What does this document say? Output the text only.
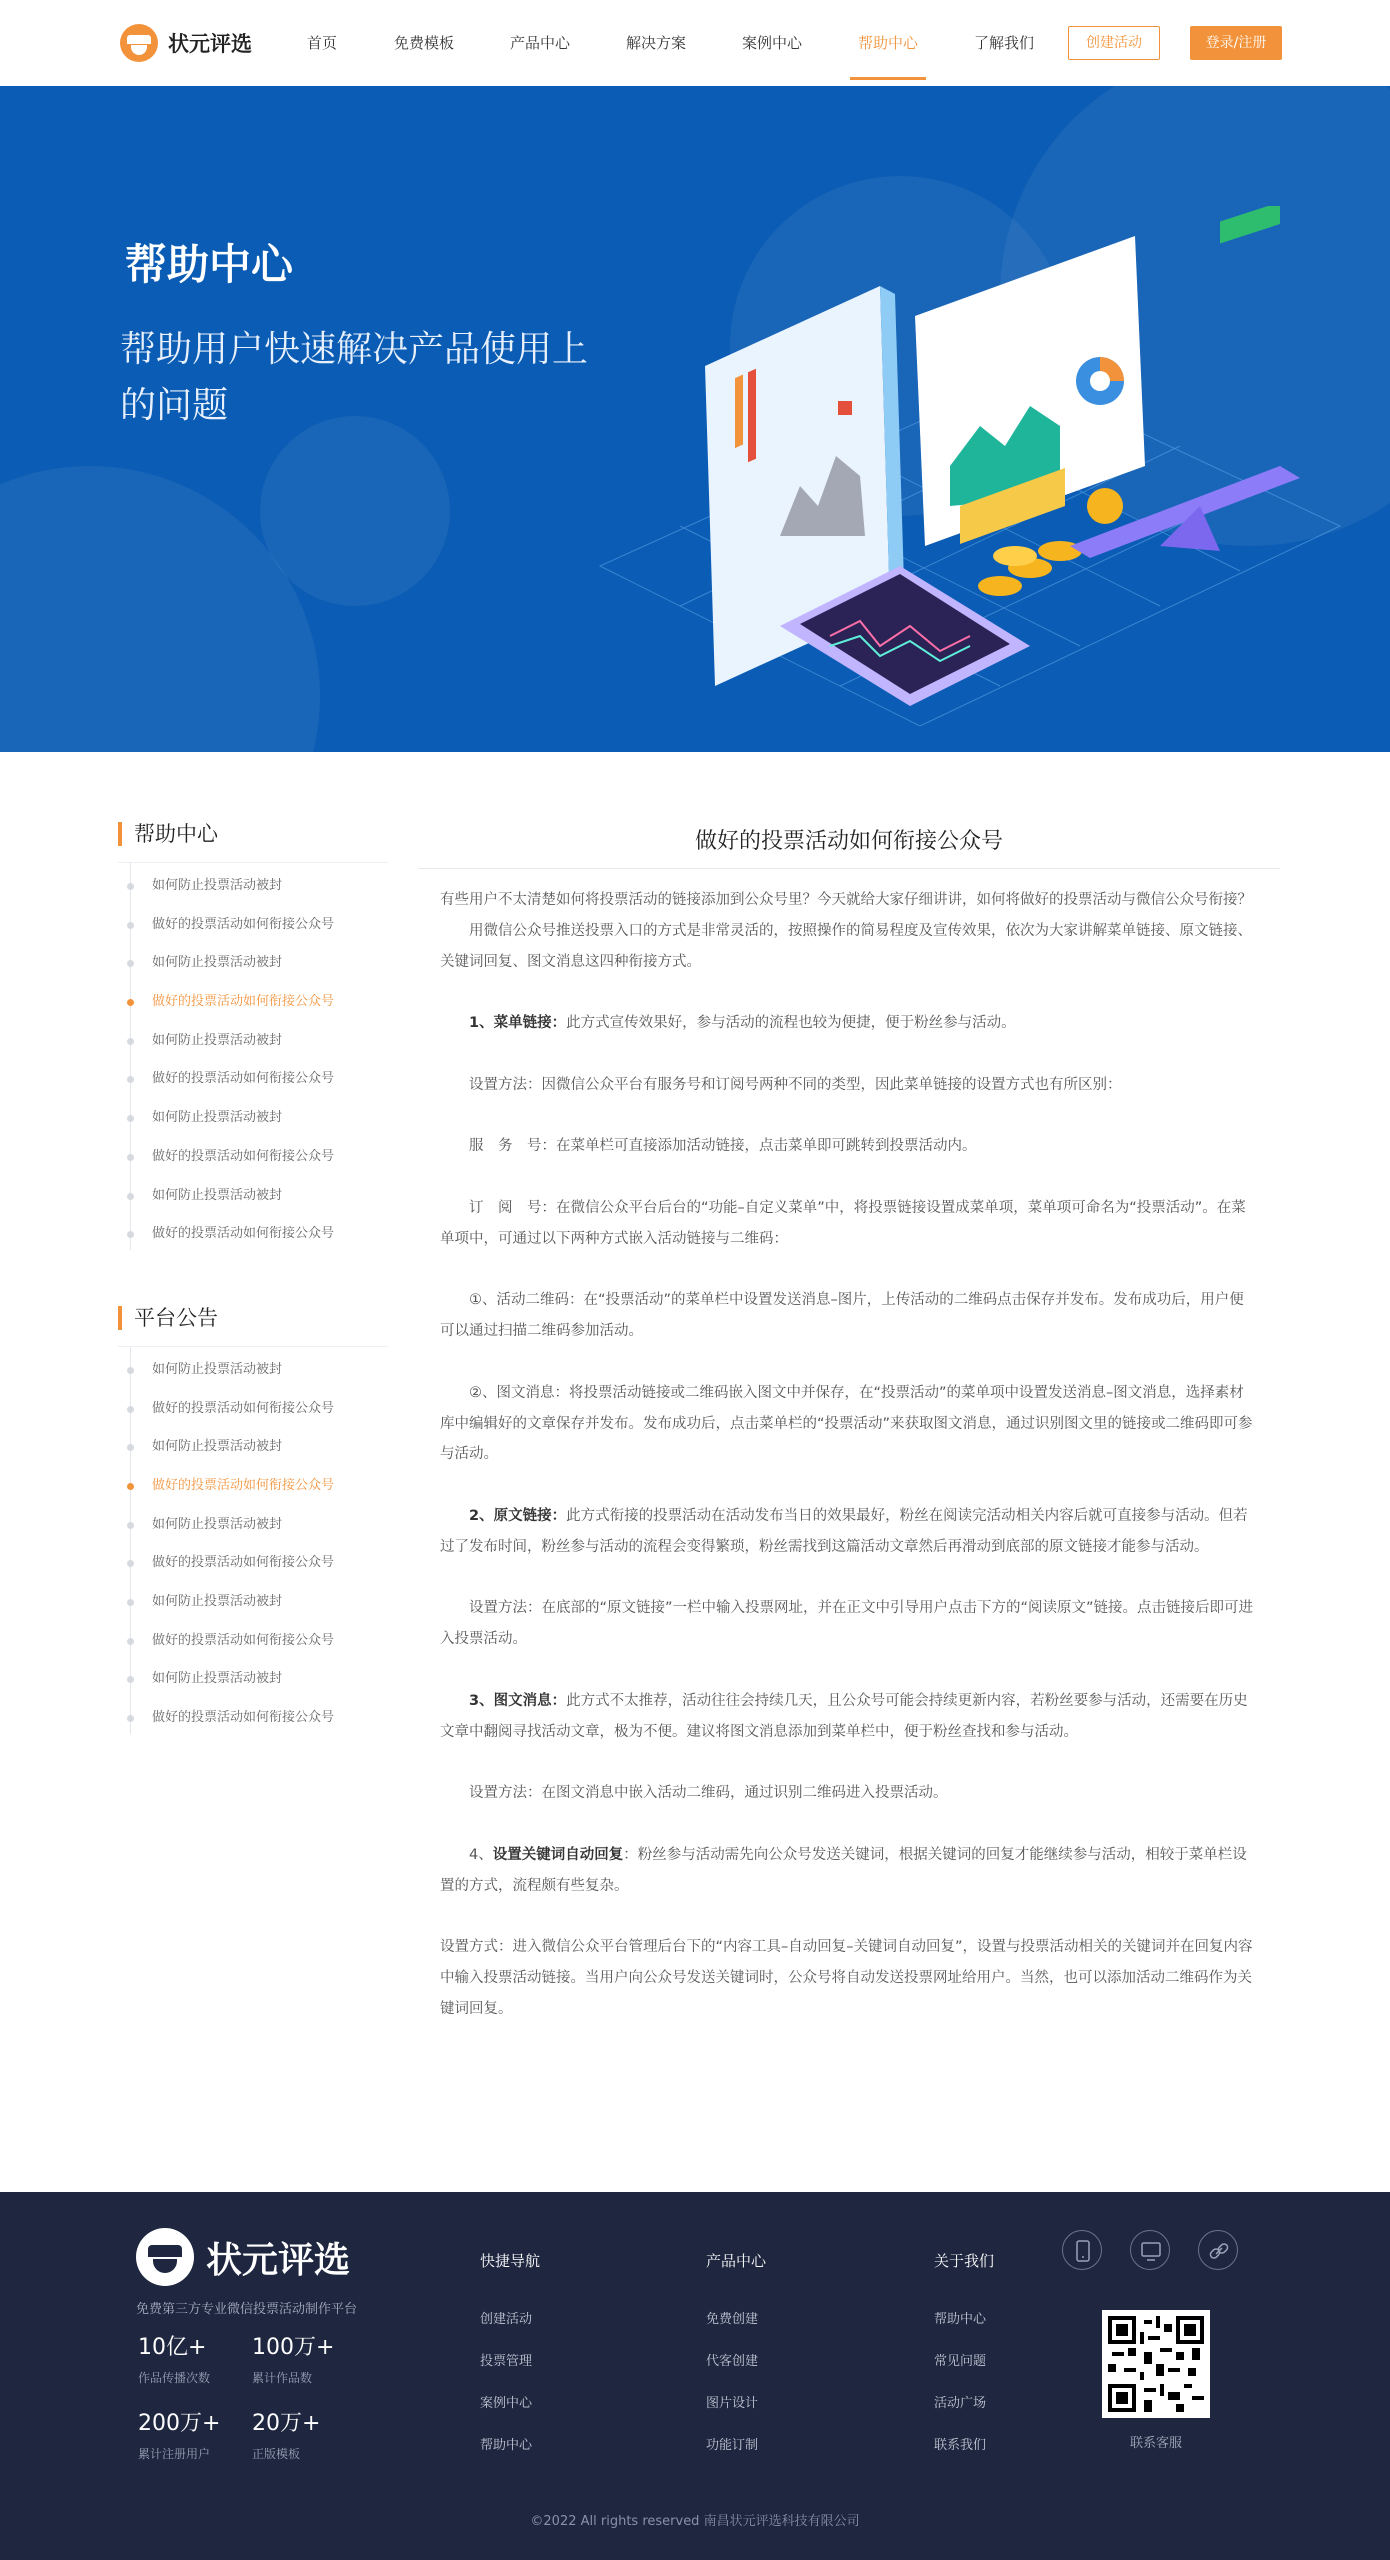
状元评选	首页	免费模板	产品中心	解决方案	案例中心	帮助中心	了解我们	创建活动	登录/注册
帮助中心
帮助用户快速解决产品使用上的问题
帮助中心
如何防止投票活动被封
做好的投票活动如何衔接公众号
如何防止投票活动被封
做好的投票活动如何衔接公众号
如何防止投票活动被封
做好的投票活动如何衔接公众号
如何防止投票活动被封
做好的投票活动如何衔接公众号
如何防止投票活动被封
做好的投票活动如何衔接公众号
平台公告
如何防止投票活动被封
做好的投票活动如何衔接公众号
如何防止投票活动被封
做好的投票活动如何衔接公众号
如何防止投票活动被封
做好的投票活动如何衔接公众号
如何防止投票活动被封
做好的投票活动如何衔接公众号
如何防止投票活动被封
做好的投票活动如何衔接公众号
做好的投票活动如何衔接公众号

有些用户不太清楚如何将投票活动的链接添加到公众号里？今天就给大家仔细讲讲，如何将做好的投票活动与微信公众号衔接？

用微信公众号推送投票入口的方式是非常灵活的，按照操作的简易程度及宣传效果，依次为大家讲解菜单链接、原文链接、关键词回复、图文消息这四种衔接方式。

1、菜单链接：此方式宣传效果好，参与活动的流程也较为便捷，便于粉丝参与活动。

设置方法：因微信公众平台有服务号和订阅号两种不同的类型，因此菜单链接的设置方式也有所区别：

服　务　号：在菜单栏可直接添加活动链接，点击菜单即可跳转到投票活动内。

订　阅　号：在微信公众平台后台的“功能–自定义菜单”中，将投票链接设置成菜单项，菜单项可命名为“投票活动”。在菜单项中，可通过以下两种方式嵌入活动链接与二维码：

①、活动二维码：在“投票活动”的菜单栏中设置发送消息–图片，上传活动的二维码点击保存并发布。发布成功后，用户便可以通过扫描二维码参加活动。

②、图文消息：将投票活动链接或二维码嵌入图文中并保存，在“投票活动”的菜单项中设置发送消息–图文消息，选择素材库中编辑好的文章保存并发布。发布成功后，点击菜单栏的“投票活动”来获取图文消息，通过识别图文里的链接或二维码即可参与活动。

2、原文链接：此方式衔接的投票活动在活动发布当日的效果最好，粉丝在阅读完活动相关内容后就可直接参与活动。但若过了发布时间，粉丝参与活动的流程会变得繁琐，粉丝需找到这篇活动文章然后再滑动到底部的原文链接才能参与活动。

设置方法：在底部的“原文链接”一栏中输入投票网址，并在正文中引导用户点击下方的“阅读原文”链接。点击链接后即可进入投票活动。

3、图文消息：此方式不太推荐，活动往往会持续几天，且公众号可能会持续更新内容，若粉丝要参与活动，还需要在历史文章中翻阅寻找活动文章，极为不便。建议将图文消息添加到菜单栏中，便于粉丝查找和参与活动。

设置方法：在图文消息中嵌入活动二维码，通过识别二维码进入投票活动。

4、设置关键词自动回复：粉丝参与活动需先向公众号发送关键词，根据关键词的回复才能继续参与活动，相较于菜单栏设置的方式，流程颇有些复杂。

设置方式：进入微信公众平台管理后台下的“内容工具–自动回复–关键词自动回复”，设置与投票活动相关的关键词并在回复内容中输入投票活动链接。当用户向公众号发送关键词时，公众号将自动发送投票网址给用户。当然，也可以添加活动二维码作为关键词回复。

状元评选
免费第三方专业微信投票活动制作平台
10亿+
作品传播次数
100万+
累计作品数
200万+
累计注册用户
20万+
正版模板
快捷导航
创建活动
投票管理
案例中心
帮助中心
产品中心
免费创建
代客创建
图片设计
功能订制
关于我们
帮助中心
常见问题
活动广场
联系我们	联系客服
©2022 All rights reserved 南昌状元评选科技有限公司
